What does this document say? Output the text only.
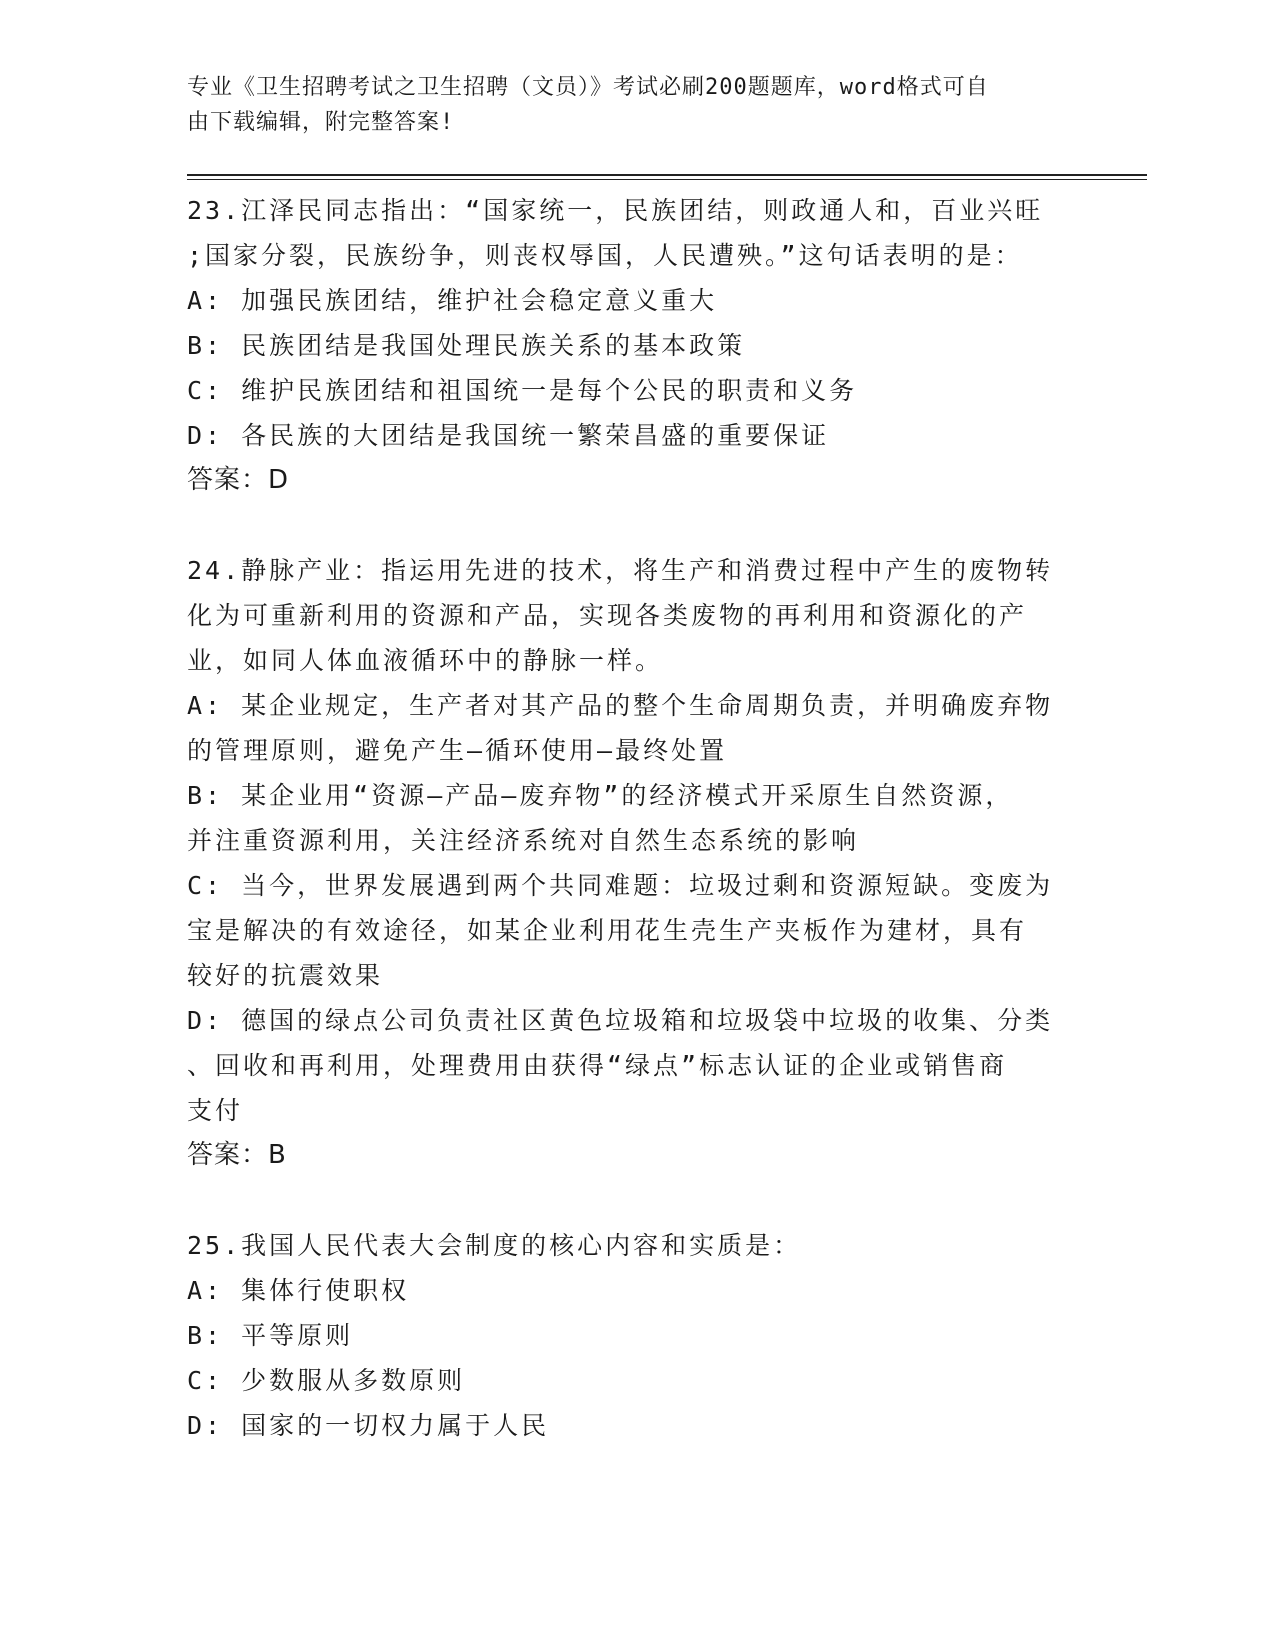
专业《卫生招聘考试之卫生招聘（文员）》考试必刷200题题库，word格式可自
由下载编辑，附完整答案!
23.江泽民同志指出：“国家统一，民族团结，则政通人和，百业兴旺
;国家分裂，民族纷争，则丧权辱国，人民遭殃。”这句话表明的是：
A: 加强民族团结，维护社会稳定意义重大
B: 民族团结是我国处理民族关系的基本政策
C: 维护民族团结和祖国统一是每个公民的职责和义务
D: 各民族的大团结是我国统一繁荣昌盛的重要保证
答案：D
24.静脉产业：指运用先进的技术，将生产和消费过程中产生的废物转
化为可重新利用的资源和产品，实现各类废物的再利用和资源化的产
业，如同人体血液循环中的静脉一样。
A: 某企业规定，生产者对其产品的整个生命周期负责，并明确废弃物
的管理原则，避免产生—循环使用—最终处置
B: 某企业用“资源—产品—废弃物”的经济模式开采原生自然资源，
并注重资源利用，关注经济系统对自然生态系统的影响
C: 当今，世界发展遇到两个共同难题：垃圾过剩和资源短缺。变废为
宝是解决的有效途径，如某企业利用花生壳生产夹板作为建材，具有
较好的抗震效果
D: 德国的绿点公司负责社区黄色垃圾箱和垃圾袋中垃圾的收集、分类
、回收和再利用，处理费用由获得“绿点”标志认证的企业或销售商
支付
答案：B
25.我国人民代表大会制度的核心内容和实质是：
A: 集体行使职权
B: 平等原则
C: 少数服从多数原则
D: 国家的一切权力属于人民
